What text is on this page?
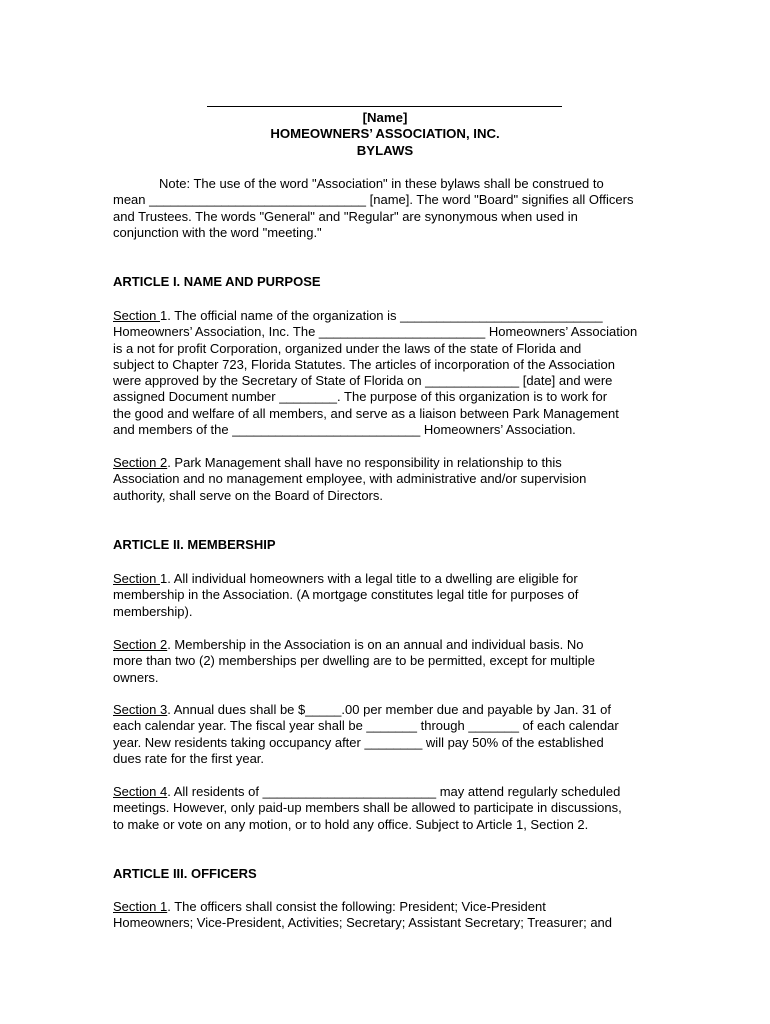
[Name]
HOMEOWNERS’ ASSOCIATION, INC.
BYLAWS
Note: The use of the word "Association" in these bylaws shall be construed to
mean ______________________________ [name]. The word "Board" signifies all Officers
and Trustees. The words "General" and "Regular" are synonymous when used in
conjunction with the word "meeting."
ARTICLE I. NAME AND PURPOSE
Section 1. The official name of the organization is ____________________________
Homeowners’ Association, Inc. The _______________________ Homeowners’ Association
is a not for profit Corporation, organized under the laws of the state of Florida and
subject to Chapter 723, Florida Statutes. The articles of incorporation of the Association
were approved by the Secretary of State of Florida on _____________ [date] and were
assigned Document number ________. The purpose of this organization is to work for
the good and welfare of all members, and serve as a liaison between Park Management
and members of the __________________________ Homeowners’ Association.
Section 2. Park Management shall have no responsibility in relationship to this
Association and no management employee, with administrative and/or supervision
authority, shall serve on the Board of Directors.
ARTICLE II. MEMBERSHIP
Section 1. All individual homeowners with a legal title to a dwelling are eligible for
membership in the Association. (A mortgage constitutes legal title for purposes of
membership).
Section 2. Membership in the Association is on an annual and individual basis. No
more than two (2) memberships per dwelling are to be permitted, except for multiple
owners.
Section 3. Annual dues shall be $_____.00 per member due and payable by Jan. 31 of
each calendar year. The fiscal year shall be _______ through _______ of each calendar
year. New residents taking occupancy after ________ will pay 50% of the established
dues rate for the first year.
Section 4. All residents of ________________________ may attend regularly scheduled
meetings. However, only paid-up members shall be allowed to participate in discussions,
to make or vote on any motion, or to hold any office. Subject to Article 1, Section 2.
ARTICLE III. OFFICERS
Section 1. The officers shall consist the following: President; Vice-President
Homeowners; Vice-President, Activities; Secretary; Assistant Secretary; Treasurer; and
